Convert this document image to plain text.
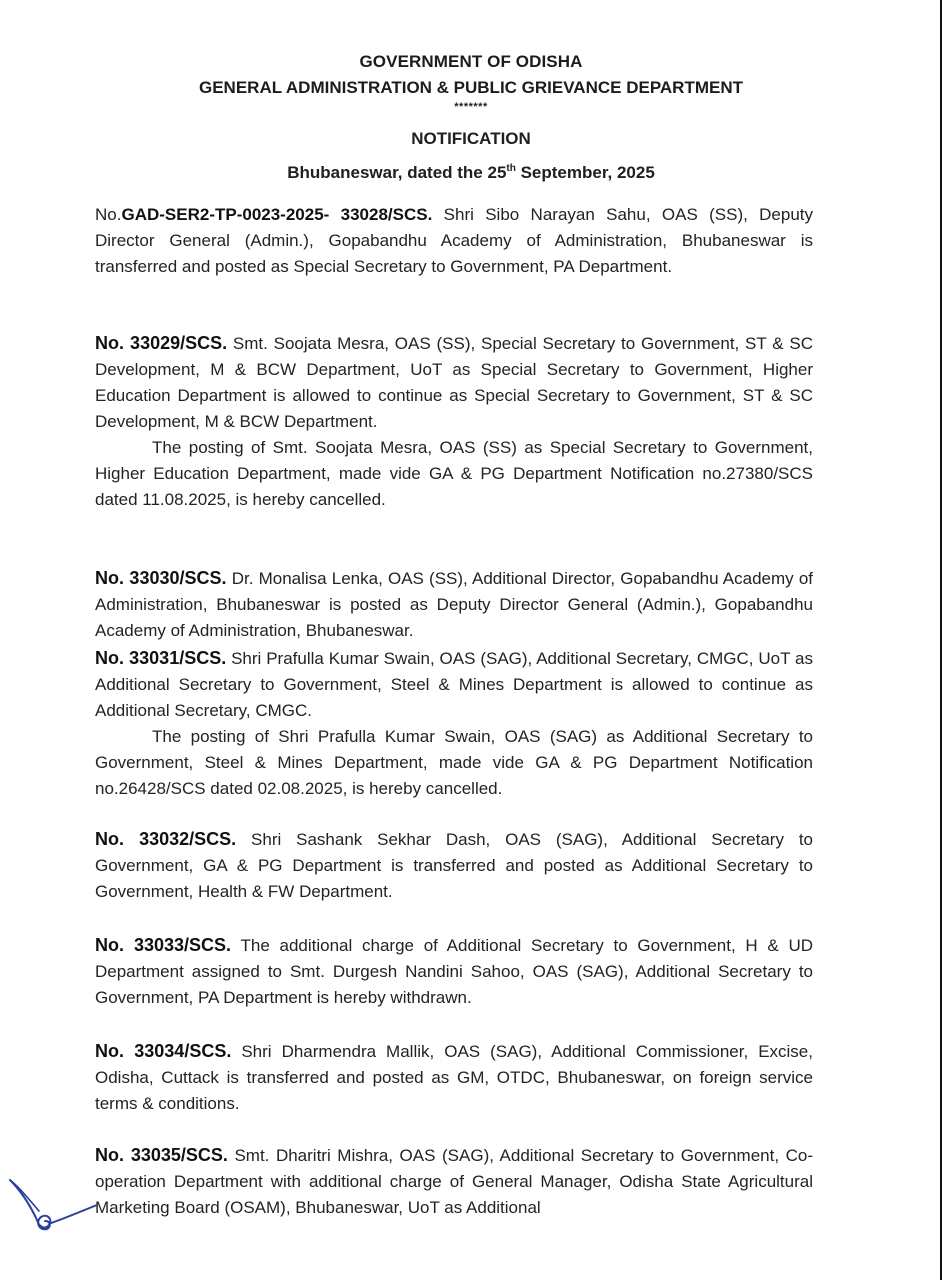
GOVERNMENT OF ODISHA
GENERAL ADMINISTRATION & PUBLIC GRIEVANCE DEPARTMENT
*******
NOTIFICATION
Bhubaneswar, dated the 25th September, 2025

No.GAD-SER2-TP-0023-2025- 33028/SCS. Shri Sibo Narayan Sahu, OAS (SS), Deputy Director General (Admin.), Gopabandhu Academy of Administration, Bhubaneswar is transferred and posted as Special Secretary to Government, PA Department.

No. 33029/SCS. Smt. Soojata Mesra, OAS (SS), Special Secretary to Government, ST & SC Development, M & BCW Department, UoT as Special Secretary to Government, Higher Education Department is allowed to continue as Special Secretary to Government, ST & SC Development, M & BCW Department.

The posting of Smt. Soojata Mesra, OAS (SS) as Special Secretary to Government, Higher Education Department, made vide GA & PG Department Notification no.27380/SCS dated 11.08.2025, is hereby cancelled.

No. 33030/SCS. Dr. Monalisa Lenka, OAS (SS), Additional Director, Gopabandhu Academy of Administration, Bhubaneswar is posted as Deputy Director General (Admin.), Gopabandhu Academy of Administration, Bhubaneswar.

No. 33031/SCS. Shri Prafulla Kumar Swain, OAS (SAG), Additional Secretary, CMGC, UoT as Additional Secretary to Government, Steel & Mines Department is allowed to continue as Additional Secretary, CMGC.

The posting of Shri Prafulla Kumar Swain, OAS (SAG) as Additional Secretary to Government, Steel & Mines Department, made vide GA & PG Department Notification no.26428/SCS dated 02.08.2025, is hereby cancelled.

No. 33032/SCS. Shri Sashank Sekhar Dash, OAS (SAG), Additional Secretary to Government, GA & PG Department is transferred and posted as Additional Secretary to Government, Health & FW Department.

No. 33033/SCS. The additional charge of Additional Secretary to Government, H & UD Department assigned to Smt. Durgesh Nandini Sahoo, OAS (SAG), Additional Secretary to Government, PA Department is hereby withdrawn.

No. 33034/SCS. Shri Dharmendra Mallik, OAS (SAG), Additional Commissioner, Excise, Odisha, Cuttack is transferred and posted as GM, OTDC, Bhubaneswar, on foreign service terms & conditions.

No. 33035/SCS. Smt. Dharitri Mishra, OAS (SAG), Additional Secretary to Government, Co-operation Department with additional charge of General Manager, Odisha State Agricultural Marketing Board (OSAM), Bhubaneswar, UoT as Additional
